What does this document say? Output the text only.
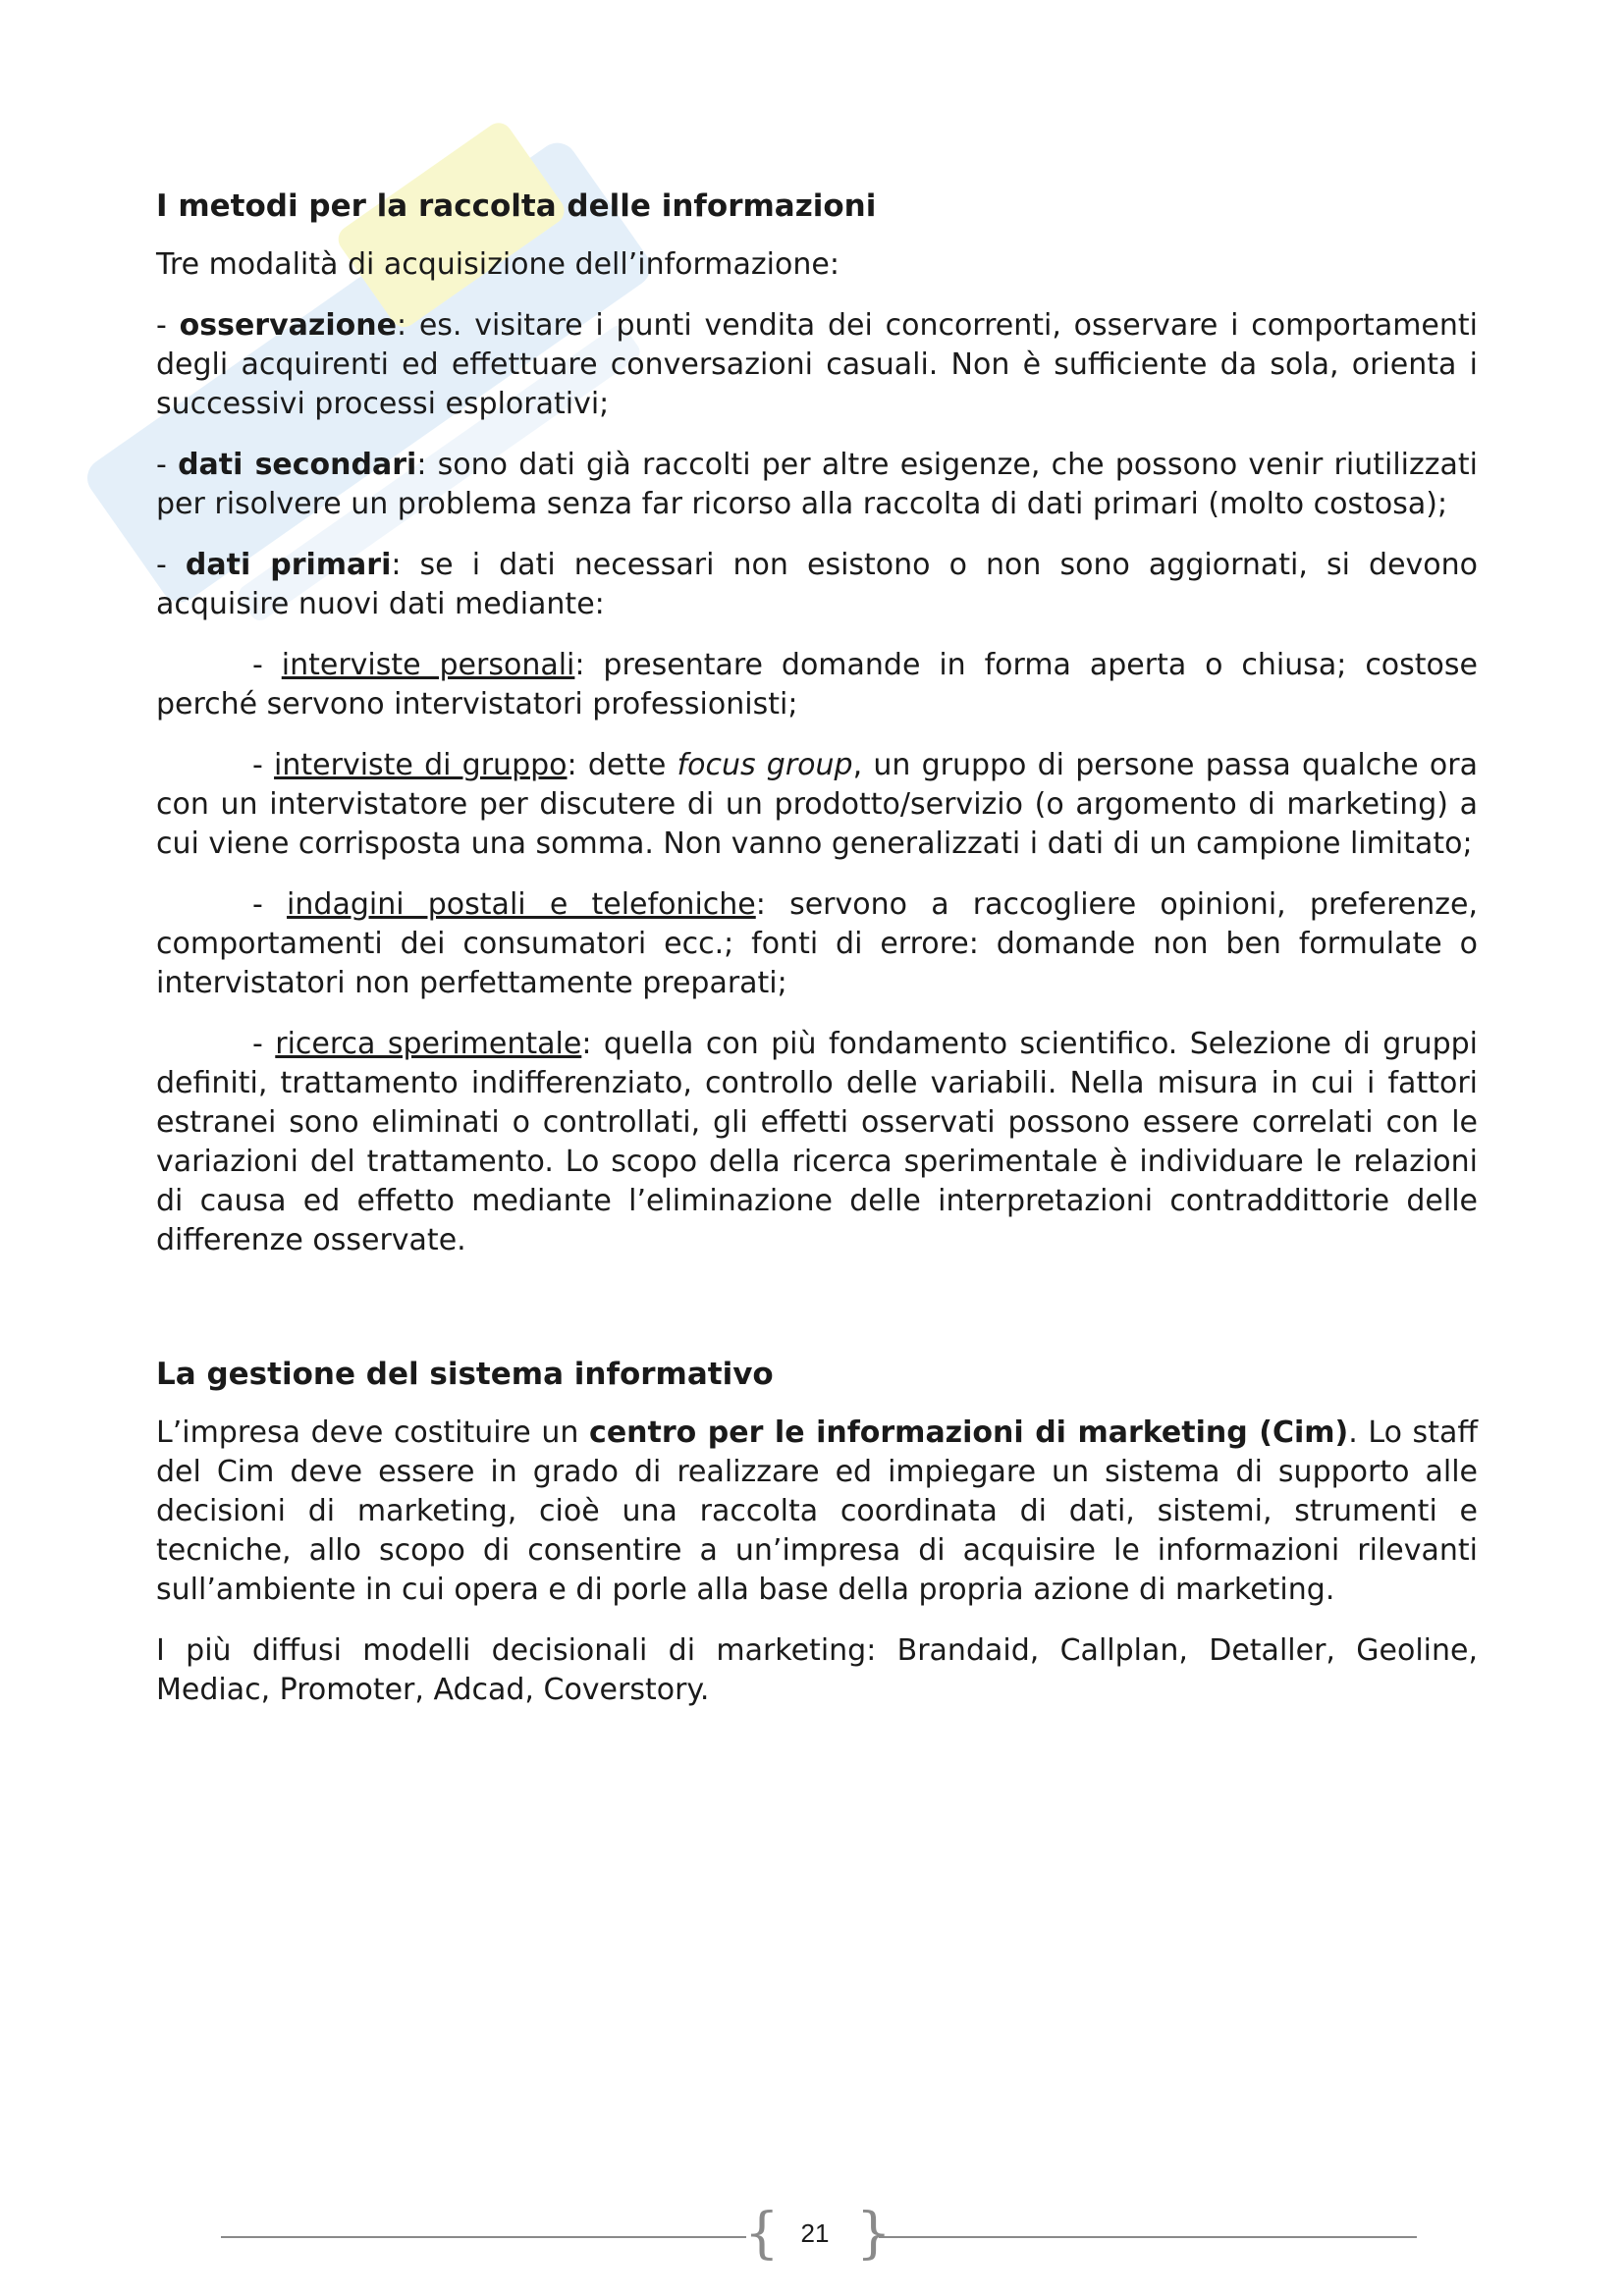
I metodi per la raccolta delle informazioni

Tre modalità di acquisizione dell’informazione:

- osservazione: es. visitare i punti vendita dei concorrenti, osservare i comportamenti degli acquirenti ed effettuare conversazioni casuali. Non è sufficiente da sola, orienta i successivi processi esplorativi;

- dati secondari: sono dati già raccolti per altre esigenze, che possono venir riutilizzati per risolvere un problema senza far ricorso alla raccolta di dati primari (molto costosa);

- dati primari: se i dati necessari non esistono o non sono aggiornati, si devono acquisire nuovi dati mediante:

- interviste personali: presentare domande in forma aperta o chiusa; costose perché servono intervistatori professionisti;

- interviste di gruppo: dette focus group, un gruppo di persone passa qualche ora con un intervistatore per discutere di un prodotto/servizio (o argomento di marketing) a cui viene corrisposta una somma. Non vanno generalizzati i dati di un campione limitato;

- indagini postali e telefoniche: servono a raccogliere opinioni, preferenze, comportamenti dei consumatori ecc.; fonti di errore: domande non ben formulate o intervistatori non perfettamente preparati;

- ricerca sperimentale: quella con più fondamento scientifico. Selezione di gruppi definiti, trattamento indifferenziato, controllo delle variabili. Nella misura in cui i fattori estranei sono eliminati o controllati, gli effetti osservati possono essere correlati con le variazioni del trattamento. Lo scopo della ricerca sperimentale è individuare le relazioni di causa ed effetto mediante l’eliminazione delle interpretazioni contraddittorie delle differenze osservate.

La gestione del sistema informativo

L’impresa deve costituire un centro per le informazioni di marketing (Cim). Lo staff del Cim deve essere in grado di realizzare ed impiegare un sistema di supporto alle decisioni di marketing, cioè una raccolta coordinata di dati, sistemi, strumenti e tecniche, allo scopo di consentire a un’impresa di acquisire le informazioni rilevanti sull’ambiente in cui opera e di porle alla base della propria azione di marketing.

I più diffusi modelli decisionali di marketing: Brandaid, Callplan, Detaller, Geoline, Mediac, Promoter, Adcad, Coverstory.

{ 21 }
